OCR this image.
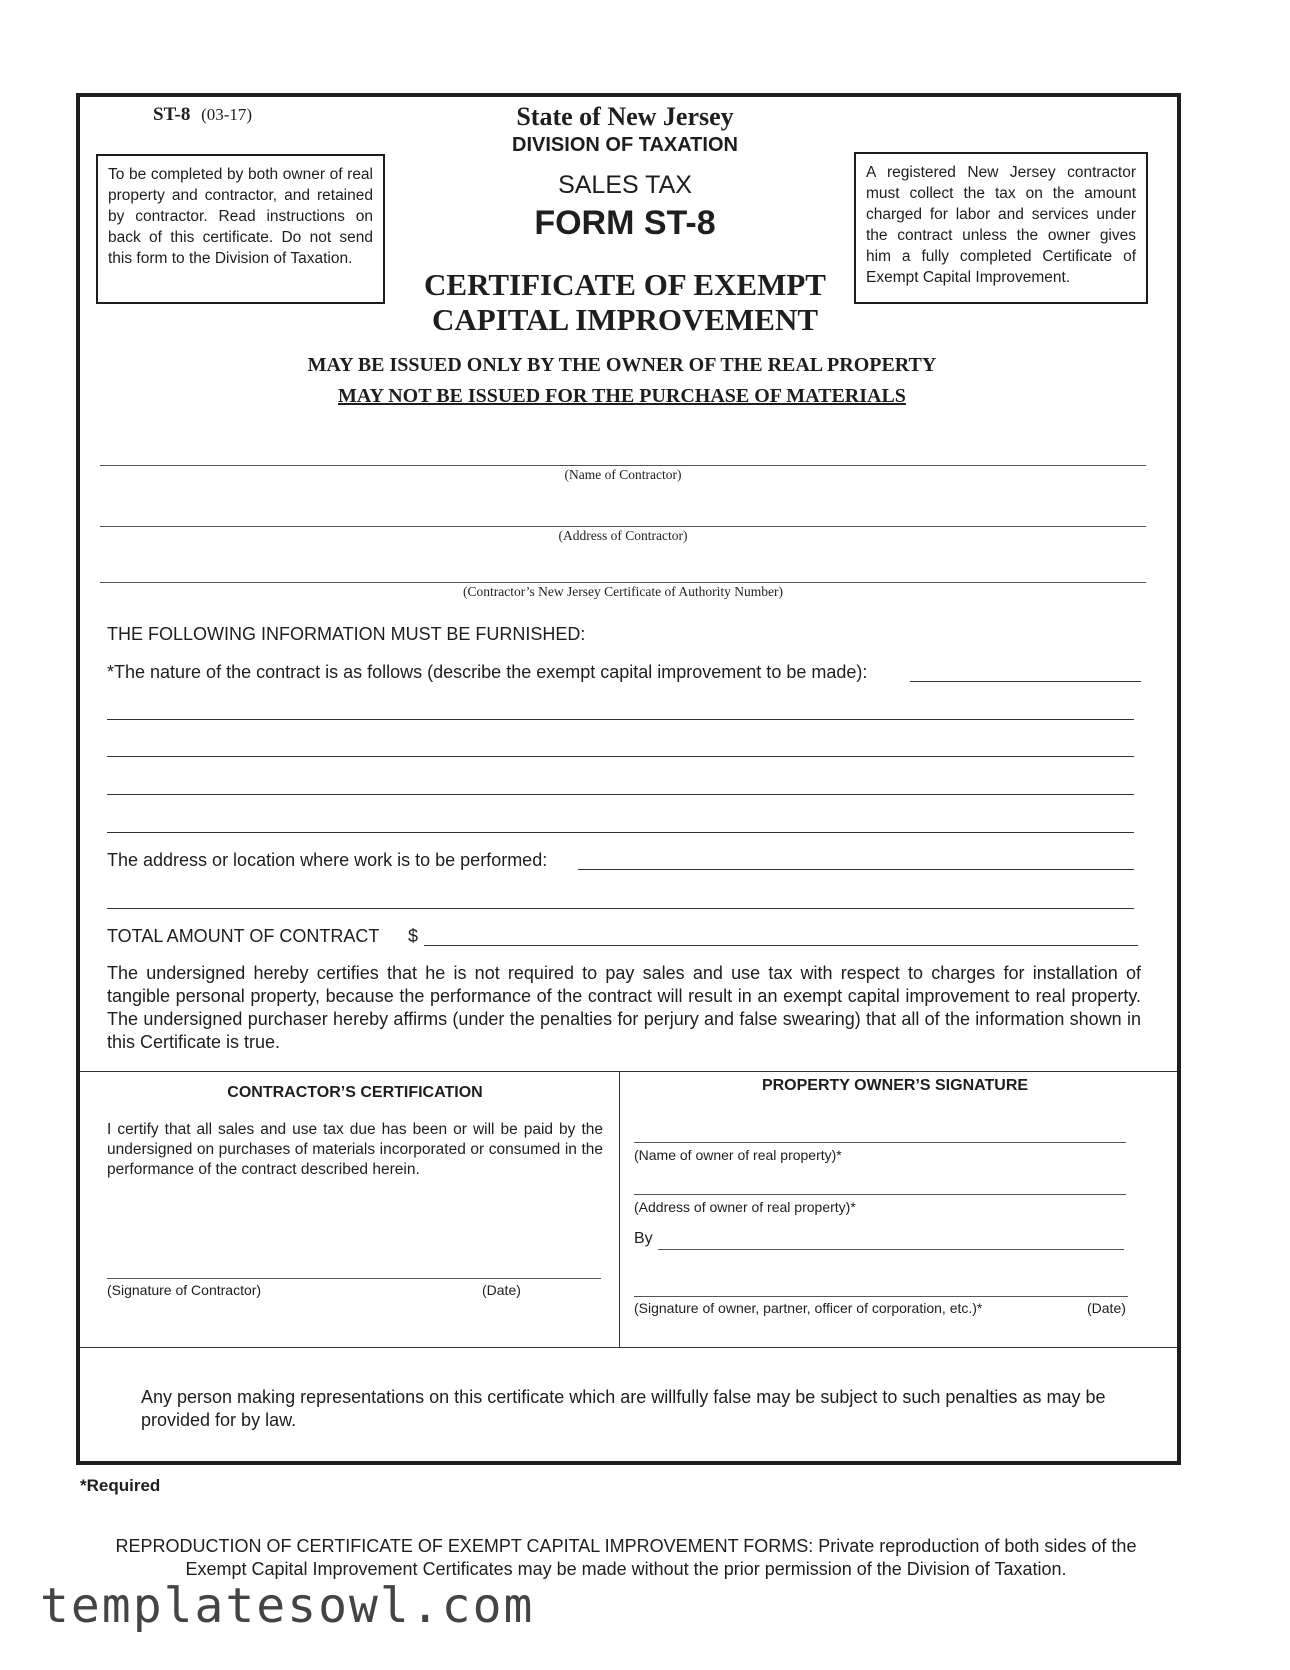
ST-8 (03-17)	State of New Jersey
DIVISION OF TAXATION
SALES TAX
FORM ST-8
CERTIFICATE OF EXEMPT
CAPITAL IMPROVEMENT
To be completed by both owner of real property and contractor, and retained by contractor. Read instructions on back of this certificate. Do not send this form to the Division of Taxation.
A registered New Jersey contractor must collect the tax on the amount charged for labor and services under the contract unless the owner gives him a fully completed Certificate of Exempt Capital Improvement.
MAY BE ISSUED ONLY BY THE OWNER OF THE REAL PROPERTY
MAY NOT BE ISSUED FOR THE PURCHASE OF MATERIALS
(Name of Contractor)
(Address of Contractor)
(Contractor’s New Jersey Certificate of Authority Number)
THE FOLLOWING INFORMATION MUST BE FURNISHED:
*The nature of the contract is as follows (describe the exempt capital improvement to be made):
The address or location where work is to be performed:
TOTAL AMOUNT OF CONTRACT $
The undersigned hereby certifies that he is not required to pay sales and use tax with respect to charges for installation of tangible personal property, because the performance of the contract will result in an exempt capital improvement to real property. The undersigned purchaser hereby affirms (under the penalties for perjury and false swearing) that all of the information shown in this Certificate is true.
CONTRACTOR’S CERTIFICATION
I certify that all sales and use tax due has been or will be paid by the undersigned on purchases of materials incorporated or consumed in the performance of the contract described herein.
(Signature of Contractor)	(Date)
PROPERTY OWNER’S SIGNATURE
(Name of owner of real property)*
(Address of owner of real property)*
By
(Signature of owner, partner, officer of corporation, etc.)*	(Date)
Any person making representations on this certificate which are willfully false may be subject to such penalties as may be provided for by law.
*Required
REPRODUCTION OF CERTIFICATE OF EXEMPT CAPITAL IMPROVEMENT FORMS: Private reproduction of both sides of the Exempt Capital Improvement Certificates may be made without the prior permission of the Division of Taxation.
templatesowl.com
